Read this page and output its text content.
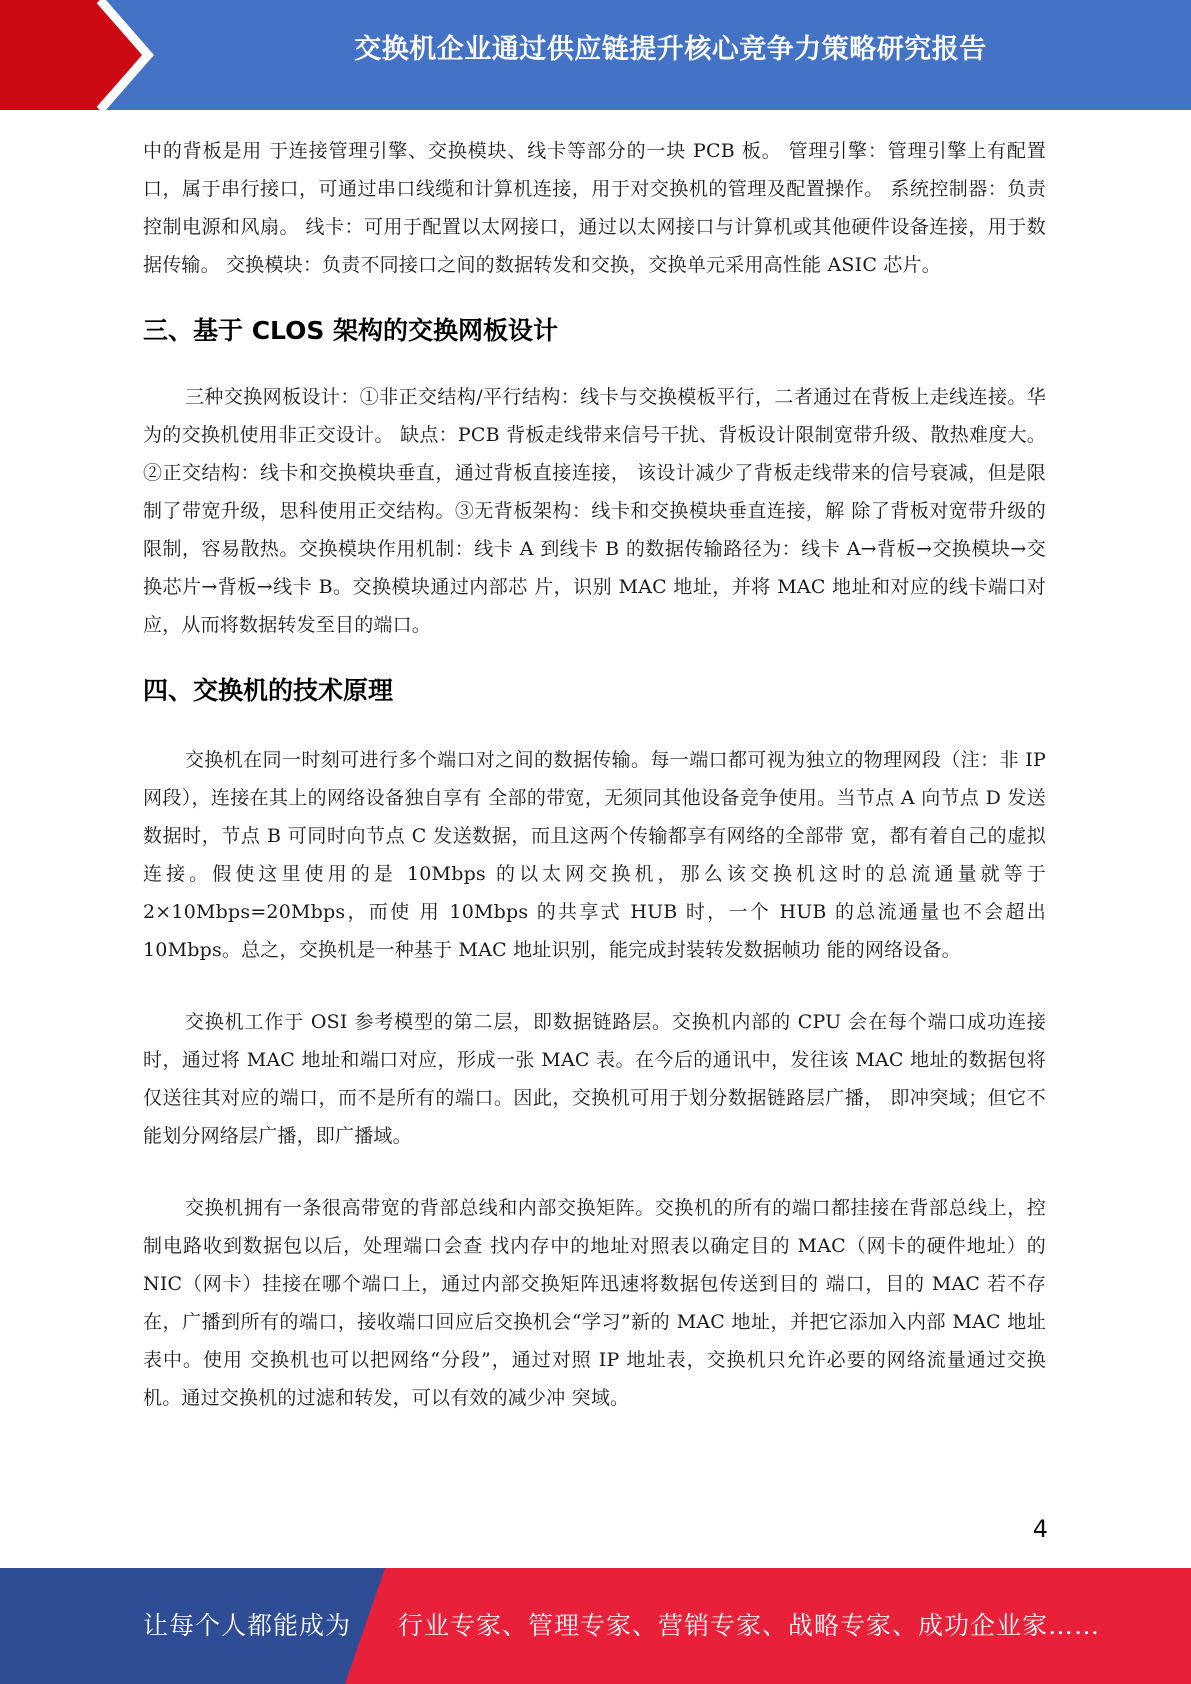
交换机企业通过供应链提升核心竞争力策略研究报告

中的背板是用 于连接管理引擎、交换模块、线卡等部分的一块 PCB 板。 管理引擎：管理引擎上有配置口，属于串行接口，可通过串口线缆和计算机连接，用于对交换机的管理及配置操作。 系统控制器：负责控制电源和风扇。 线卡：可用于配置以太网接口，通过以太网接口与计算机或其他硬件设备连接，用于数据传输。 交换模块：负责不同接口之间的数据转发和交换，交换单元采用高性能 ASIC 芯片。

三、基于 CLOS 架构的交换网板设计

三种交换网板设计：①非正交结构/平行结构：线卡与交换模板平行，二者通过在背板上走线连接。华为的交换机使用非正交设计。 缺点：PCB 背板走线带来信号干扰、背板设计限制宽带升级、散热难度大。②正交结构：线卡和交换模块垂直，通过背板直接连接， 该设计减少了背板走线带来的信号衰减，但是限制了带宽升级，思科使用正交结构。③无背板架构：线卡和交换模块垂直连接，解 除了背板对宽带升级的限制，容易散热。交换模块作用机制：线卡 A 到线卡 B 的数据传输路径为：线卡 A→背板→交换模块→交换芯片→背板→线卡 B。交换模块通过内部芯 片，识别 MAC 地址，并将 MAC 地址和对应的线卡端口对应，从而将数据转发至目的端口。

四、交换机的技术原理

交换机在同一时刻可进行多个端口对之间的数据传输。每一端口都可视为独立的物理网段（注：非 IP 网段），连接在其上的网络设备独自享有 全部的带宽，无须同其他设备竞争使用。当节点 A 向节点 D 发送数据时，节点 B 可同时向节点 C 发送数据，而且这两个传输都享有网络的全部带 宽，都有着自己的虚拟连接。假使这里使用的是 10Mbps 的以太网交换机，那么该交换机这时的总流通量就等于 2×10Mbps=20Mbps，而使 用 10Mbps 的共享式 HUB 时，一个 HUB 的总流通量也不会超出 10Mbps。总之，交换机是一种基于 MAC 地址识别，能完成封装转发数据帧功 能的网络设备。

交换机工作于 OSI 参考模型的第二层，即数据链路层。交换机内部的 CPU 会在每个端口成功连接时，通过将 MAC 地址和端口对应，形成一张 MAC 表。在今后的通讯中，发往该 MAC 地址的数据包将仅送往其对应的端口，而不是所有的端口。因此，交换机可用于划分数据链路层广播， 即冲突域；但它不能划分网络层广播，即广播域。

交换机拥有一条很高带宽的背部总线和内部交换矩阵。交换机的所有的端口都挂接在背部总线上，控制电路收到数据包以后，处理端口会查 找内存中的地址对照表以确定目的 MAC（网卡的硬件地址）的 NIC（网卡）挂接在哪个端口上，通过内部交换矩阵迅速将数据包传送到目的 端口，目的 MAC 若不存在，广播到所有的端口，接收端口回应后交换机会“学习”新的 MAC 地址，并把它添加入内部 MAC 地址表中。使用 交换机也可以把网络“分段”，通过对照 IP 地址表，交换机只允许必要的网络流量通过交换机。通过交换机的过滤和转发，可以有效的减少冲 突域。

4
让每个人都能成为 行业专家、管理专家、营销专家、战略专家、成功企业家……
